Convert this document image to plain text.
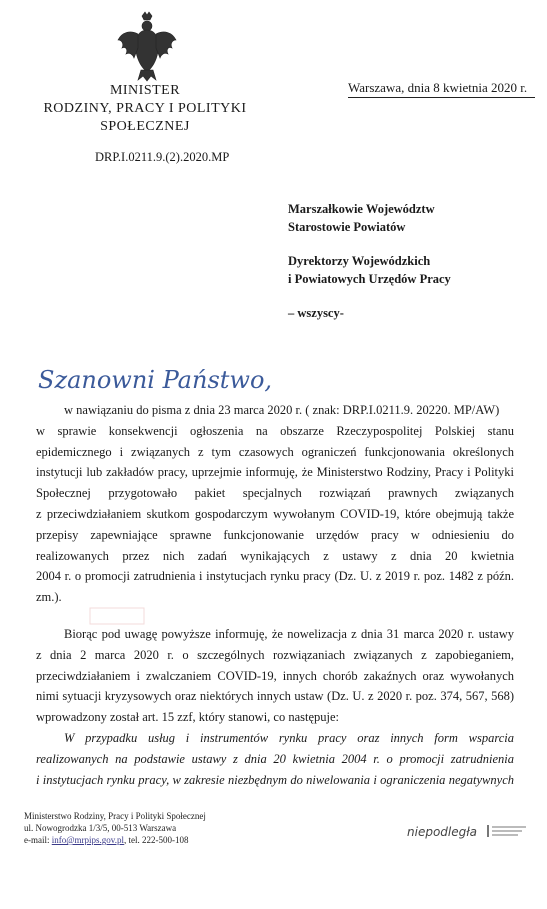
MINISTER
RODZINY, PRACY I POLITYKI
SPOŁECZNEJ
Warszawa, dnia 8 kwietnia 2020 r.
DRP.I.0211.9.(2).2020.MP
Marszałkowie Województw
Starostowie Powiatów
Dyrektorzy Wojewódzkich
i Powiatowych Urzędów Pracy
– wszyscy-
Szanowni Państwo,
w nawiązaniu do pisma z dnia 23 marca 2020 r. ( znak: DRP.I.0211.9. 20220. MP/AW)
w sprawie konsekwencji ogłoszenia na obszarze Rzeczypospolitej Polskiej stanu
epidemicznego i związanych z tym czasowych ograniczeń funkcjonowania określonych
instytucji lub zakładów pracy, uprzejmie informuję, że Ministerstwo Rodziny, Pracy i Polityki
Społecznej przygotowało pakiet specjalnych rozwiązań prawnych związanych
z przeciwdziałaniem skutkom gospodarczym wywołanym COVID-19, które obejmują także
przepisy zapewniające sprawne funkcjonowanie urzędów pracy w odniesieniu do
realizowanych przez nich zadań wynikających z ustawy z dnia 20 kwietnia
2004 r. o promocji zatrudnienia i instytucjach rynku pracy (Dz. U. z 2019 r. poz. 1482 z późn.
zm.).
Biorąc pod uwagę powyższe informuję, że nowelizacja z dnia 31 marca 2020 r. ustawy
z dnia 2 marca 2020 r. o szczególnych rozwiązaniach związanych z zapobieganiem,
przeciwdziałaniem i zwalczaniem COVID-19, innych chorób zakaźnych oraz wywołanych
nimi sytuacji kryzysowych oraz niektórych innych ustaw (Dz. U. z 2020 r. poz. 374, 567, 568)
wprowadzony został art. 15 zzf, który stanowi, co następuje:
W przypadku usług i instrumentów rynku pracy oraz innych form wsparcia
realizowanych na podstawie ustawy z dnia 20 kwietnia 2004 r. o promocji zatrudnienia
i instytucjach rynku pracy, w zakresie niezbędnym do niwelowania i ograniczenia negatywnych
Ministerstwo Rodziny, Pracy i Polityki Społecznej
ul. Nowogrodzka 1/3/5, 00-513 Warszawa
e-mail: info@mrpips.gov.pl, tel. 222-500-108
niepodległa
